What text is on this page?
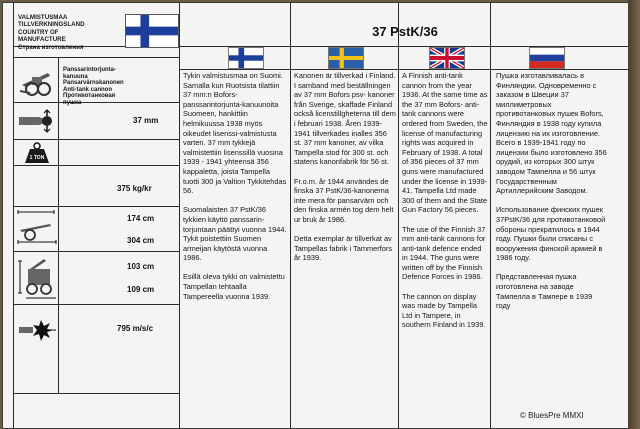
VALMISTUSMAA
TILLVERKNINGSLAND
COUNTRY OF
MANUFACTURE
Страна изготовления
37 PstK/36
1 TON
Panssarintorjunta-
kanuuna
Pansarvärnskanonen
Anti-tank cannon
Противотанковая
пушка
37 mm
375 kg/kr
174 cm
304 cm
103 cm
109 cm
795 m/s/c

Tykin valmistusmaa on Suomi. Samalla kun Ruotsista tilattiin 37 mm:n Bofors-panssarintorjunta-kanuunoita Suomeen, hankittiin helmikuussa 1938 myös oikeudet lisenssi-valmistusta varten. 37 mm tykkejä valmistettiin lisenssillä vuosina 1939 - 1941 yhteensä 356 kappaletta, joista Tampella tuotti 300 ja Valtion Tykkitehdas 56.

Suomalaisten 37 PstK/36 tykkien käyttö panssarin-torjuntaan päättyi vuonna 1944. Tykit poistettiin Suomen armeijan käytöstä vuonna 1986.

Esillä oleva tykki on valmistettu Tampellan tehtaalla Tampereella vuonna 1939.

Kanonen är tillverkad i Finland. I samband med beställningen av 37 mm Bofors psv- kanoner från Sverige, skaffade Finland också licenstillgheterna till dem i februari 1938. Åren 1939-1941 tillverkades inalles 356 st. 37 mm kanoner, av vilka Tampella stod för 300 st. och statens kanonfabrik för 56 st.

Fr.o.m. år 1944 användes de finska 37 PstK/36-kanonerna inte mera för pansarvärn och den finska armén tog dem helt ur bruk år 1986.

Detta exemplar är tillverkat av Tampellas fabrik i Tammerfors år 1939.

A Finnish anti-tank cannon from the year 1936. At the same time as the 37 mm Bofors- anti-tank cannons were ordered from Sweden, the license of manufacturing rights was acquired in February of 1938. A total of 356 pieces of 37 mm guns were manufactured under the license in 1939-41. Tampella Ltd made 300 of them and the State Gun Factory 56 pieces.

The use of the Finnish 37 mm anti-tank cannons for anti-tank defence ended in 1944. The guns were written off by the Finnish Defence Forces in 1986.

The cannon on display was made by Tampella Ltd in Tampere, in southern Finland in 1939.

Пушка изготавливалась в Финляндии. Одновременно с заказом в Швеции 37 миллиметровых противотанковых пушек Bofors, Финляндия в 1938 году купила лицензию на их изготовление. Всего в 1939-1941 году по лицензии было изготовлено 356 орудий, из которых 300 штук заводом Тампелла и 56 штук Государственным Артиллерийским Заводом.

Использование финских пушек 37PstK/36 для противотанковой обороны прекратилось в 1944 году. Пушки были списаны с вооружения финской армией в 1986 году.

Представленная пушка изготовлена на заводе Тампелла в Тампере в 1939 году

© BluesPre MMXI
